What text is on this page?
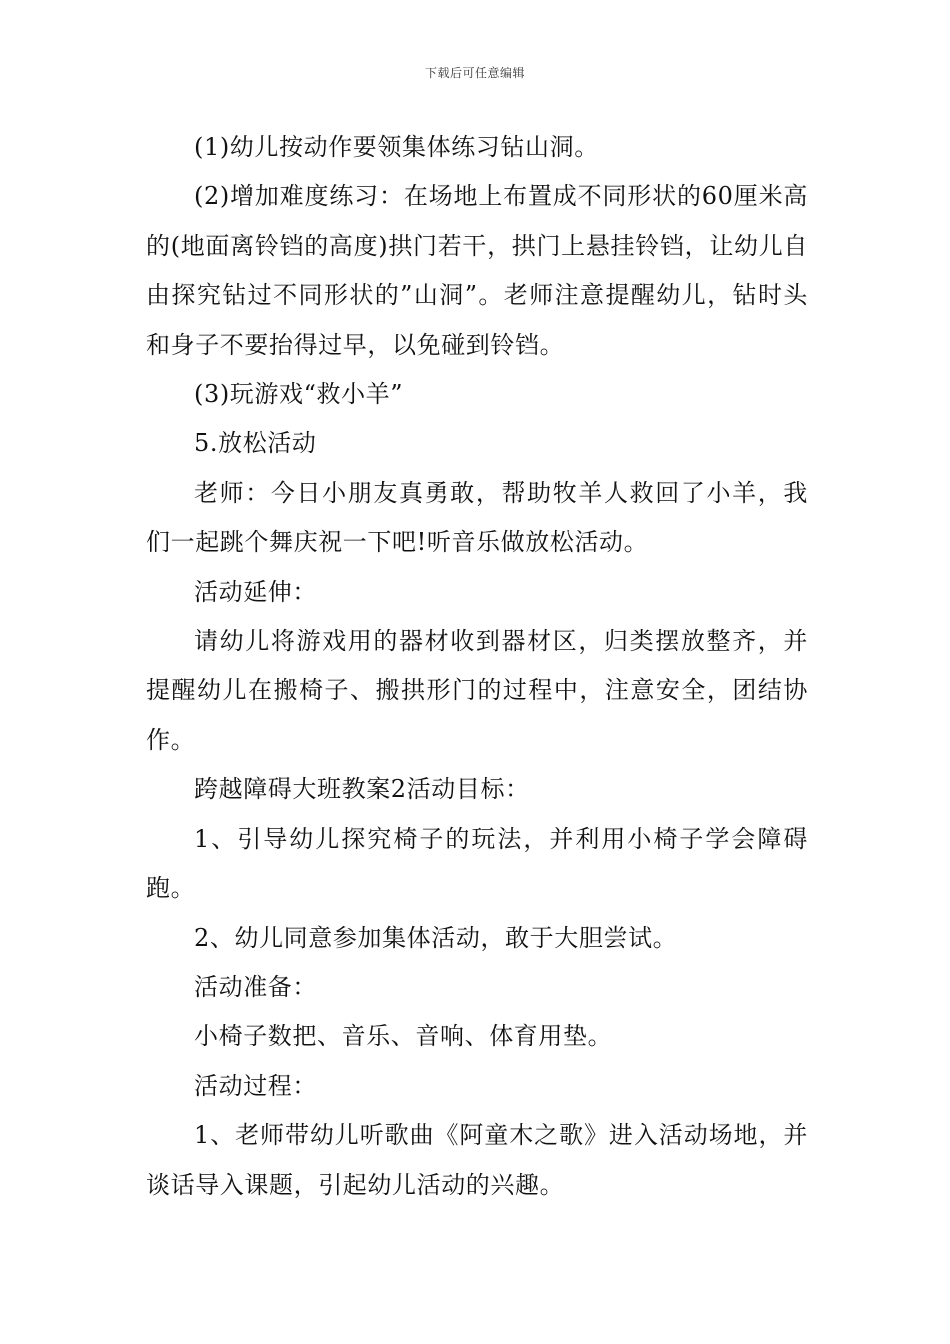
下载后可任意编辑

(1)幼儿按动作要领集体练习钻山洞。

(2)增加难度练习：在场地上布置成不同形状的60厘米高的(地面离铃铛的高度)拱门若干，拱门上悬挂铃铛，让幼儿自由探究钻过不同形状的”山洞”。老师注意提醒幼儿，钻时头和身子不要抬得过早，以免碰到铃铛。

(3)玩游戏“救小羊”

5.放松活动

老师：今日小朋友真勇敢，帮助牧羊人救回了小羊，我们一起跳个舞庆祝一下吧!听音乐做放松活动。

活动延伸：

请幼儿将游戏用的器材收到器材区，归类摆放整齐，并提醒幼儿在搬椅子、搬拱形门的过程中，注意安全，团结协作。

跨越障碍大班教案2活动目标：

1、引导幼儿探究椅子的玩法，并利用小椅子学会障碍跑。

2、幼儿同意参加集体活动，敢于大胆尝试。

活动准备：

小椅子数把、音乐、音响、体育用垫。

活动过程：

1、老师带幼儿听歌曲《阿童木之歌》进入活动场地，并谈话导入课题，引起幼儿活动的兴趣。
